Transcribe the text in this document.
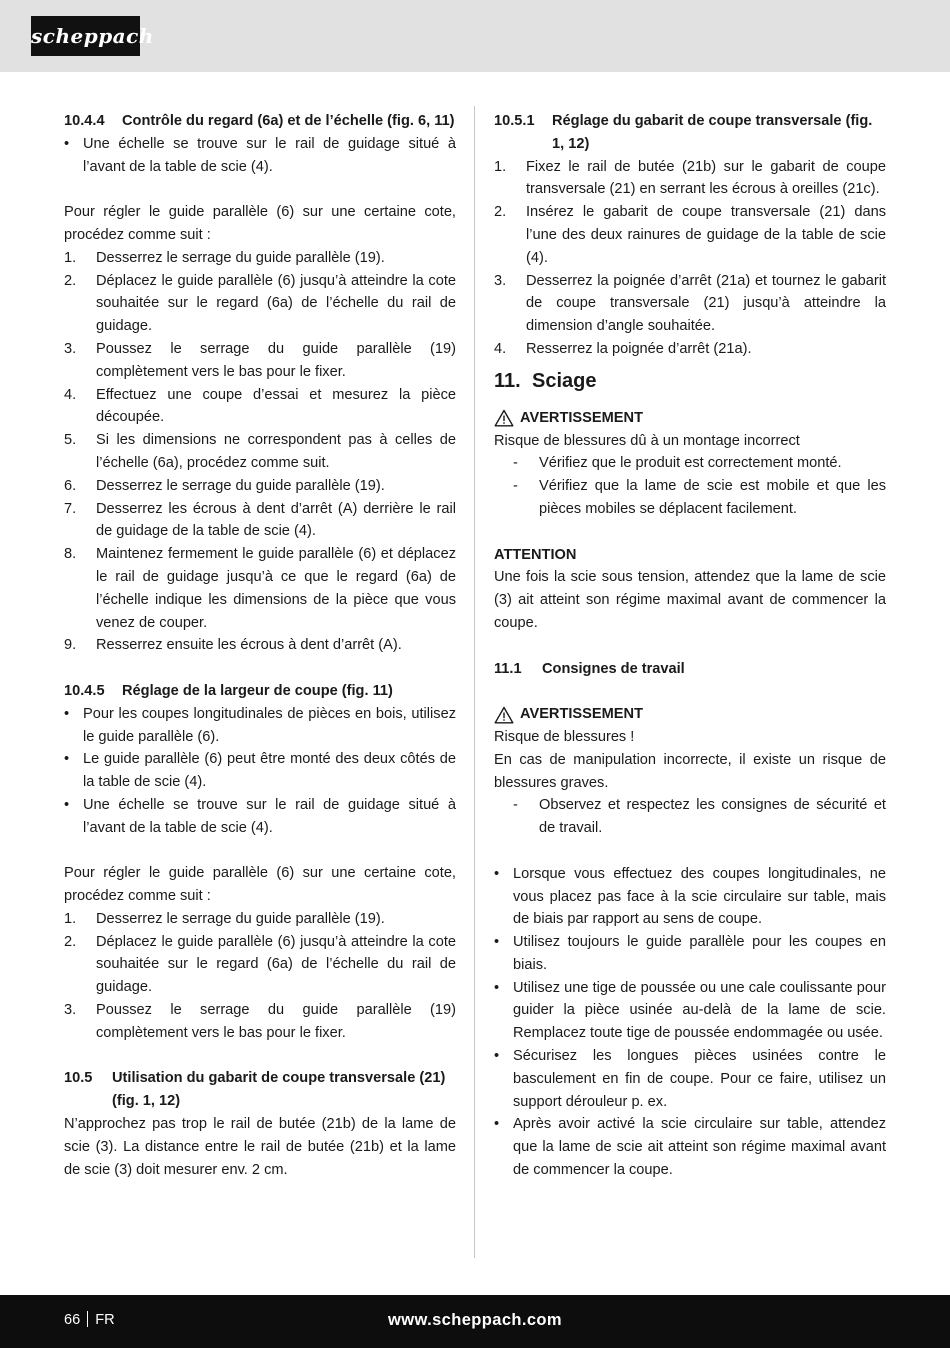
scheppach
10.4.4 Contrôle du regard (6a) et de l’échelle (fig. 6, 11)
• Une échelle se trouve sur le rail de guidage situé à l’avant de la table de scie (4).

Pour régler le guide parallèle (6) sur une certaine cote, procédez comme suit :

1. Desserrez le serrage du guide parallèle (19).
2. Déplacez le guide parallèle (6) jusqu’à atteindre la cote souhaitée sur le regard (6a) de l’échelle du rail de guidage.
3. Poussez le serrage du guide parallèle (19) complètement vers le bas pour le fixer.
4. Effectuez une coupe d’essai et mesurez la pièce découpée.
5. Si les dimensions ne correspondent pas à celles de l’échelle (6a), procédez comme suit.
6. Desserrez le serrage du guide parallèle (19).
7. Desserrez les écrous à dent d’arrêt (A) derrière le rail de guidage de la table de scie (4).
8. Maintenez fermement le guide parallèle (6) et déplacez le rail de guidage jusqu’à ce que le regard (6a) de l’échelle indique les dimensions de la pièce que vous venez de couper.
9. Resserrez ensuite les écrous à dent d’arrêt (A).
10.4.5 Réglage de la largeur de coupe (fig. 11)
• Pour les coupes longitudinales de pièces en bois, utilisez le guide parallèle (6).
• Le guide parallèle (6) peut être monté des deux côtés de la table de scie (4).
• Une échelle se trouve sur le rail de guidage situé à l’avant de la table de scie (4).

Pour régler le guide parallèle (6) sur une certaine cote, procédez comme suit :

1. Desserrez le serrage du guide parallèle (19).
2. Déplacez le guide parallèle (6) jusqu’à atteindre la cote souhaitée sur le regard (6a) de l’échelle du rail de guidage.
3. Poussez le serrage du guide parallèle (19) complètement vers le bas pour le fixer.
10.5 Utilisation du gabarit de coupe transversale (21) (fig. 1, 12)

N’approchez pas trop le rail de butée (21b) de la lame de scie (3). La distance entre le rail de butée (21b) et la lame de scie (3) doit mesurer env. 2 cm.

10.5.1 Réglage du gabarit de coupe transversale (fig. 1, 12)
1. Fixez le rail de butée (21b) sur le gabarit de coupe transversale (21) en serrant les écrous à oreilles (21c).
2. Insérez le gabarit de coupe transversale (21) dans l’une des deux rainures de guidage de la table de scie (4).
3. Desserrez la poignée d’arrêt (21a) et tournez le gabarit de coupe transversale (21) jusqu’à atteindre la dimension d’angle souhaitée.
4. Resserrez la poignée d’arrêt (21a).
11. Sciage
AVERTISSEMENT

Risque de blessures dû à un montage incorrect

- Vérifiez que le produit est correctement monté.
- Vérifiez que la lame de scie est mobile et que les pièces mobiles se déplacent facilement.
ATTENTION

Une fois la scie sous tension, attendez que la lame de scie (3) ait atteint son régime maximal avant de commencer la coupe.

11.1 Consignes de travail
AVERTISSEMENT

Risque de blessures !

En cas de manipulation incorrecte, il existe un risque de blessures graves.

- Observez et respectez les consignes de sécurité et de travail.
• Lorsque vous effectuez des coupes longitudinales, ne vous placez pas face à la scie circulaire sur table, mais de biais par rapport au sens de coupe.
• Utilisez toujours le guide parallèle pour les coupes en biais.
• Utilisez une tige de poussée ou une cale coulissante pour guider la pièce usinée au-delà de la lame de scie. Remplacez toute tige de poussée endommagée ou usée.
• Sécurisez les longues pièces usinées contre le basculement en fin de coupe. Pour ce faire, utilisez un support dérouleur p. ex.
• Après avoir activé la scie circulaire sur table, attendez que la lame de scie ait atteint son régime maximal avant de commencer la coupe.
66 FR	www.scheppach.com
